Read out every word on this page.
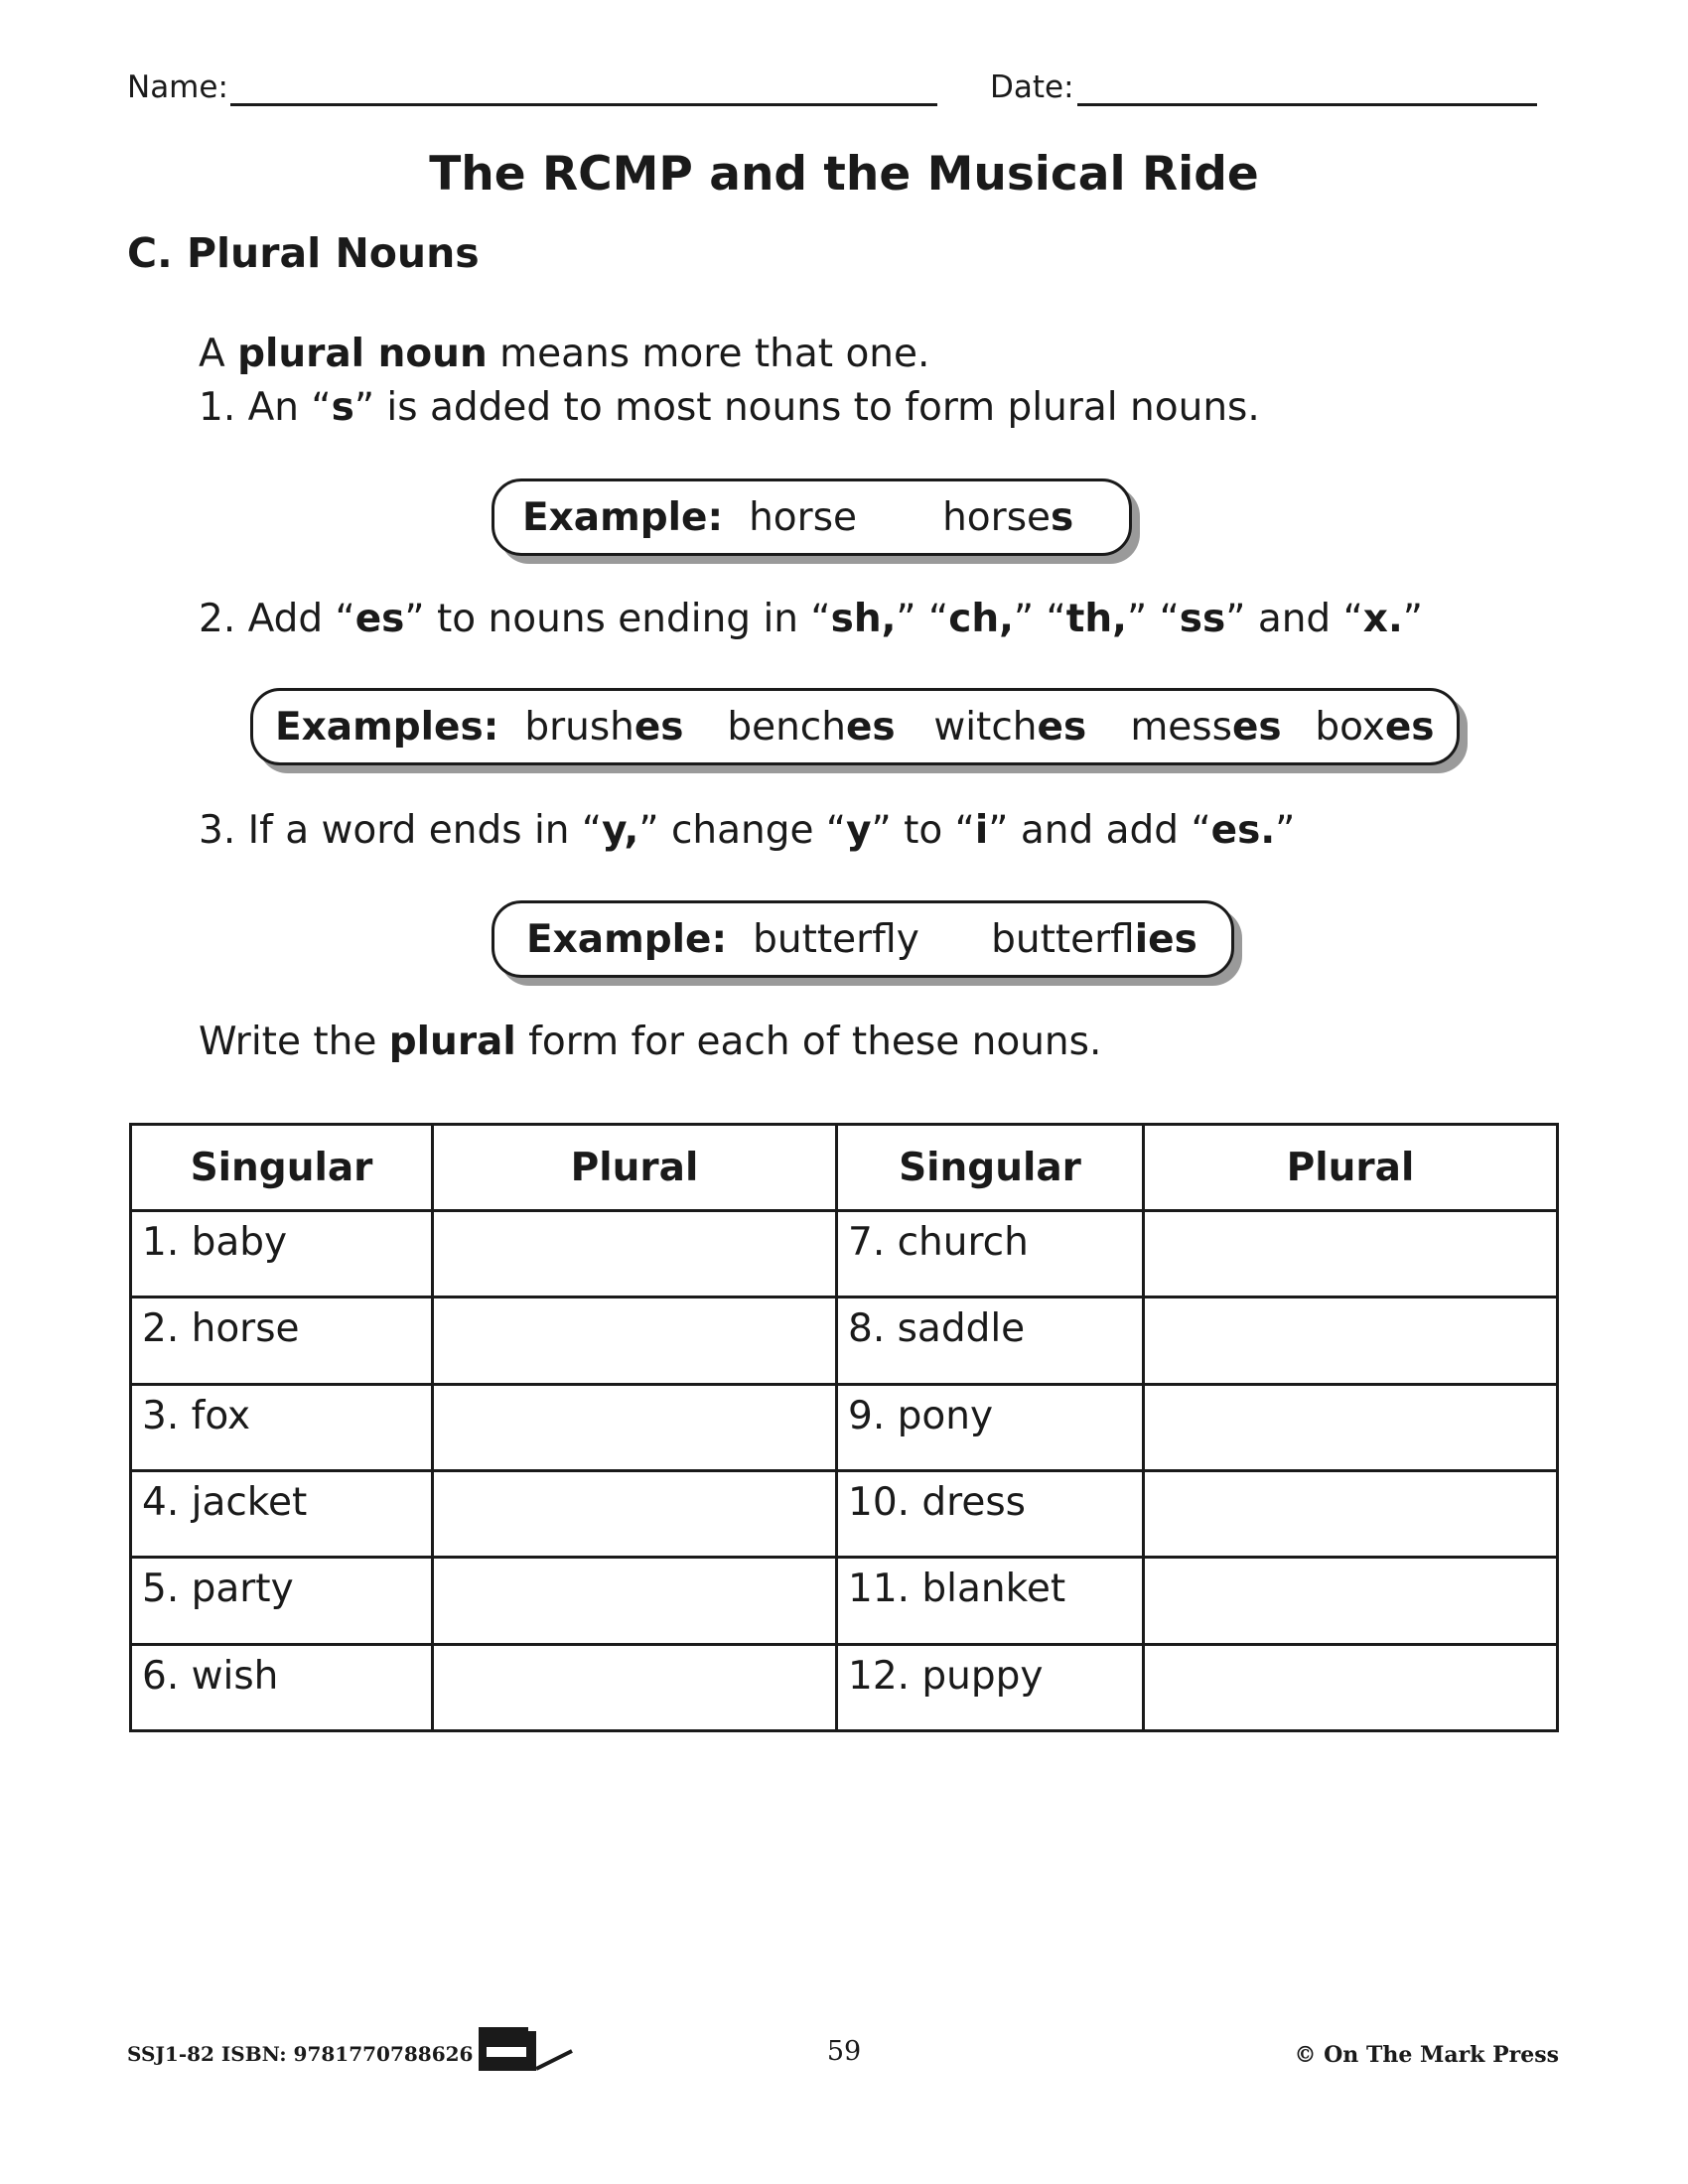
Name:	Date:
The RCMP and the Musical Ride
C. Plural Nouns
A plural noun means more that one.
1. An “s” is added to most nouns to form plural nouns.
Example: horse	horses
2. Add “es” to nouns ending in “sh,” “ch,” “th,” “ss” and “x.”
Examples: brushes	benches witches	messes boxes
3. If a word ends in “y,” change “y” to “i” and add “es.”
Example: butterfly	butterflies
Write the plural form for each of these nouns.
Singular	Plural	Singular	Plural
1. baby		7. church	
2. horse		8. saddle	
3. fox		9. pony	
4. jacket		10. dress	
5. party		11. blanket	
6. wish		12. puppy	
SSJ1-82 ISBN: 9781770788626	59	© On The Mark Press
